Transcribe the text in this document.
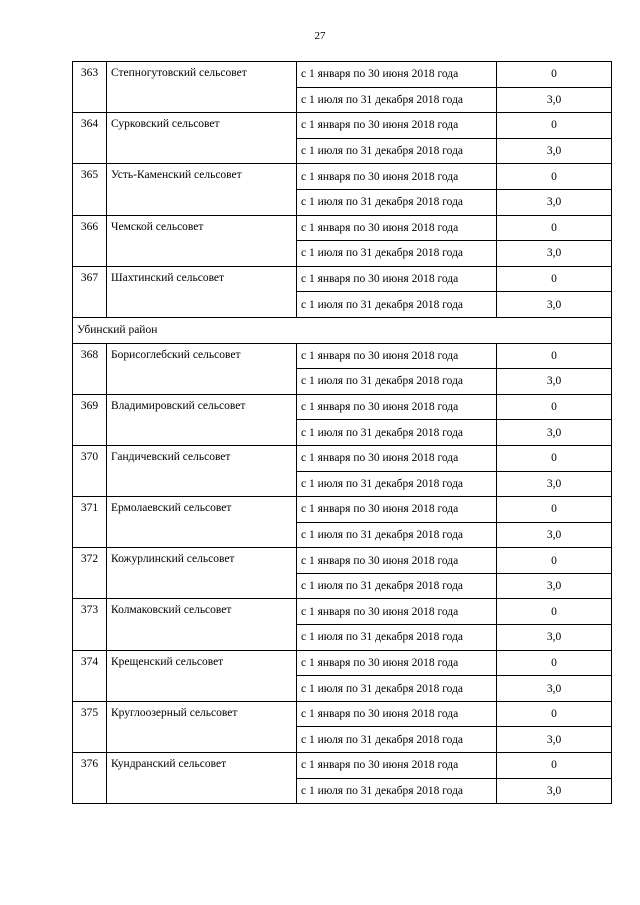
27
363	Степногутовский сельсовет	с 1 января по 30 июня 2018 года	0
		с 1 июля по 31 декабря 2018 года	3,0
364	Сурковский сельсовет	с 1 января по 30 июня 2018 года	0
		с 1 июля по 31 декабря 2018 года	3,0
365	Усть-Каменский сельсовет	с 1 января по 30 июня 2018 года	0
		с 1 июля по 31 декабря 2018 года	3,0
366	Чемской сельсовет	с 1 января по 30 июня 2018 года	0
		с 1 июля по 31 декабря 2018 года	3,0
367	Шахтинский сельсовет	с 1 января по 30 июня 2018 года	0
		с 1 июля по 31 декабря 2018 года	3,0
Убинский район			
368	Борисоглебский сельсовет	с 1 января по 30 июня 2018 года	0
		с 1 июля по 31 декабря 2018 года	3,0
369	Владимировский сельсовет	с 1 января по 30 июня 2018 года	0
		с 1 июля по 31 декабря 2018 года	3,0
370	Гандичевский сельсовет	с 1 января по 30 июня 2018 года	0
		с 1 июля по 31 декабря 2018 года	3,0
371	Ермолаевский сельсовет	с 1 января по 30 июня 2018 года	0
		с 1 июля по 31 декабря 2018 года	3,0
372	Кожурлинский сельсовет	с 1 января по 30 июня 2018 года	0
		с 1 июля по 31 декабря 2018 года	3,0
373	Колмаковский сельсовет	с 1 января по 30 июня 2018 года	0
		с 1 июля по 31 декабря 2018 года	3,0
374	Крещенский сельсовет	с 1 января по 30 июня 2018 года	0
		с 1 июля по 31 декабря 2018 года	3,0
375	Круглоозерный сельсовет	с 1 января по 30 июня 2018 года	0
		с 1 июля по 31 декабря 2018 года	3,0
376	Кундранский сельсовет	с 1 января по 30 июня 2018 года	0
		с 1 июля по 31 декабря 2018 года	3,0
